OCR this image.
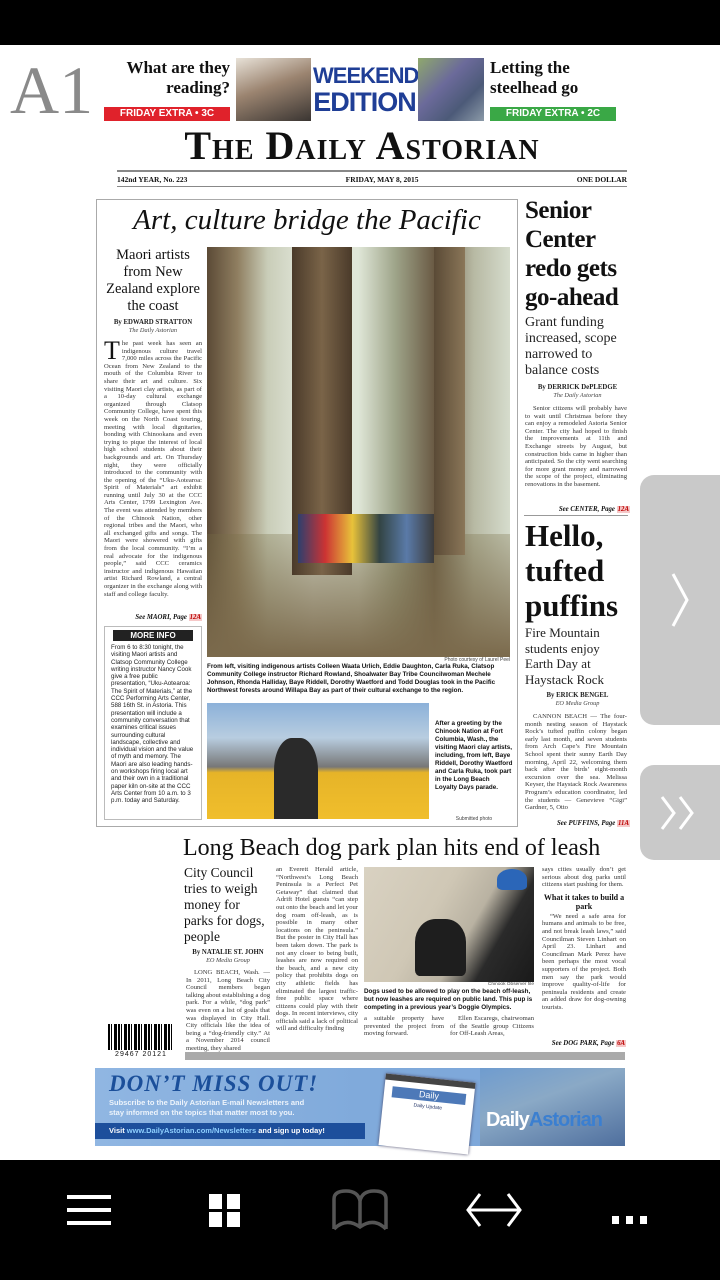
A1	What are they reading?
FRIDAY EXTRA • 3C
WEEKEND
EDITION
Letting the steelhead go
FRIDAY EXTRA • 2C
The Daily Astorian
142nd YEAR, No. 223	FRIDAY, MAY 8, 2015	ONE DOLLAR
Art, culture bridge the Pacific
Maori artists from New Zealand explore the coast
By EDWARD STRATTON
The Daily Astorian
The past week has seen an indigenous culture travel 7,000 miles across the Pacific Ocean from New Zealand to the mouth of the Columbia River to share their art and culture. Six visiting Maori clay artists, as part of a 10-day cultural exchange organized through Clatsop Community College, have spent this week on the North Coast touring, meeting with local dignitaries, bonding with Chinookans and even trying to pique the interest of local high school students about their backgrounds and art. On Thursday night, they were officially introduced to the community with the opening of the “Uku-Aotearoa: Spirit of Materials” art exhibit running until July 30 at the CCC Arts Center, 1799 Lexington Ave. The event was attended by members of the Chinook Nation, other regional tribes and the Maori, who all exchanged gifts and songs. The Maori were showered with gifts from the local community. “I’m a real advocate for the indigenous people,” said CCC ceramics instructor and indigenous Hawaiian artist Richard Rowland, a central organizer in the exchange along with staff and college faculty.
See MAORI, Page 12A
MORE INFO
From 6 to 8:30 tonight, the visiting Maori artists and Clatsop Community College writing instructor Nancy Cook give a free public presentation, “Uku-Aotearoa: The Spirit of Materials,” at the CCC Performing Arts Center, 588 16th St. in Astoria. This presentation will include a community conversation that examines critical issues surrounding cultural landscape, collective and individual vision and the value of myth and memory. The Maori are also leading hands-on workshops firing local art and their own in a traditional paper kiln on-site at the CCC Arts Center from 10 a.m. to 3 p.m. today and Saturday.
Photo courtesy of Laurel Peel
From left, visiting indigenous artists Colleen Waata Urlich, Eddie Daughton, Carla Ruka, Clatsop Community College instructor Richard Rowland, Shoalwater Bay Tribe Councilwoman Mechele Johnson, Rhonda Halliday, Baye Riddell, Dorothy Waetford and Todd Douglas took in the Pacific Northwest forests around Willapa Bay as part of their cultural exchange to the region.
After a greeting by the Chinook Nation at Fort Columbia, Wash., the visiting Maori clay artists, including, from left, Baye Riddell, Dorothy Waetford and Carla Ruka, took part in the Long Beach Loyalty Days parade.
Submitted photo
Senior Center redo gets go-ahead
Grant funding increased, scope narrowed to balance costs
By DERRICK DePLEDGE
The Daily Astorian
Senior citizens will probably have to wait until Christmas before they can enjoy a remodeled Astoria Senior Center. The city had hoped to finish the improvements at 11th and Exchange streets by August, but construction bids came in higher than anticipated. So the city went searching for more grant money and narrowed the scope of the project, eliminating renovations in the basement.
See CENTER, Page 12A
Hello, tufted puffins
Fire Mountain students enjoy Earth Day at Haystack Rock
By ERICK BENGEL
EO Media Group
CANNON BEACH — The four-month nesting season of Haystack Rock’s tufted puffin colony began early last month, and seven students from Arch Cape’s Fire Mountain School spent their sunny Earth Day morning, April 22, welcoming them back after the birds’ eight-month excursion over the sea. Melissa Keyser, the Haystack Rock Awareness Program’s education coordinator, led the students — Genevieve “Gigi” Gardner, 5, Otto
See PUFFINS, Page 11A
Long Beach dog park plan hits end of leash
City Council tries to weigh money for parks for dogs, people
By NATALIE ST. JOHN
EO Media Group
LONG BEACH, Wash. — In 2011, Long Beach City Council members began talking about establishing a dog park. For a while, “dog park” was even on a list of goals that was displayed in City Hall. City officials like the idea of being a “dog-friendly city.” At a November 2014 council meeting, they shared
an Everett Herald article, “Northwest’s Long Beach Peninsula is a Perfect Pet Getaway” that claimed that Adrift Hotel guests “can step out onto the beach and let your dog roam off-leash, as is possible in many other locations on the peninsula.” But the poster in City Hall has been taken down. The park is not any closer to being built, leashes are now required on the beach, and a new city policy that prohibits dogs on city athletic fields has eliminated the largest traffic-free public space where citizens could play with their dogs. In recent interviews, city officials said a lack of political will and difficulty finding
Chinook Observer file
Dogs used to be allowed to play on the beach off-leash, but now leashes are required on public land. This pup is competing in a previous year’s Doggie Olympics.
a suitable property have prevented the project from moving forward.
Ellen Escaregs, chairwoman of the Seattle group Citizens for Off-Leash Areas,
says cities usually don’t get serious about dog parks until citizens start pushing for them.
What it takes to build a park
“We need a safe area for humans and animals to be free, and not break leash laws,” said Councilman Steven Linhart on April 23. Linhart and Councilman Mark Perez have been perhaps the most vocal supporters of the project. Both men say the park would improve quality-of-life for peninsula residents and create an added draw for dog-owning tourists.
See DOG PARK, Page 6A
29467 20121
DON’T MISS OUT!
Subscribe to the Daily Astorian E-mail Newsletters and
stay informed on the topics that matter most to you.
Visit www.DailyAstorian.com/Newsletters and sign up today!
Daily
Daily Update
DailyAstorian
